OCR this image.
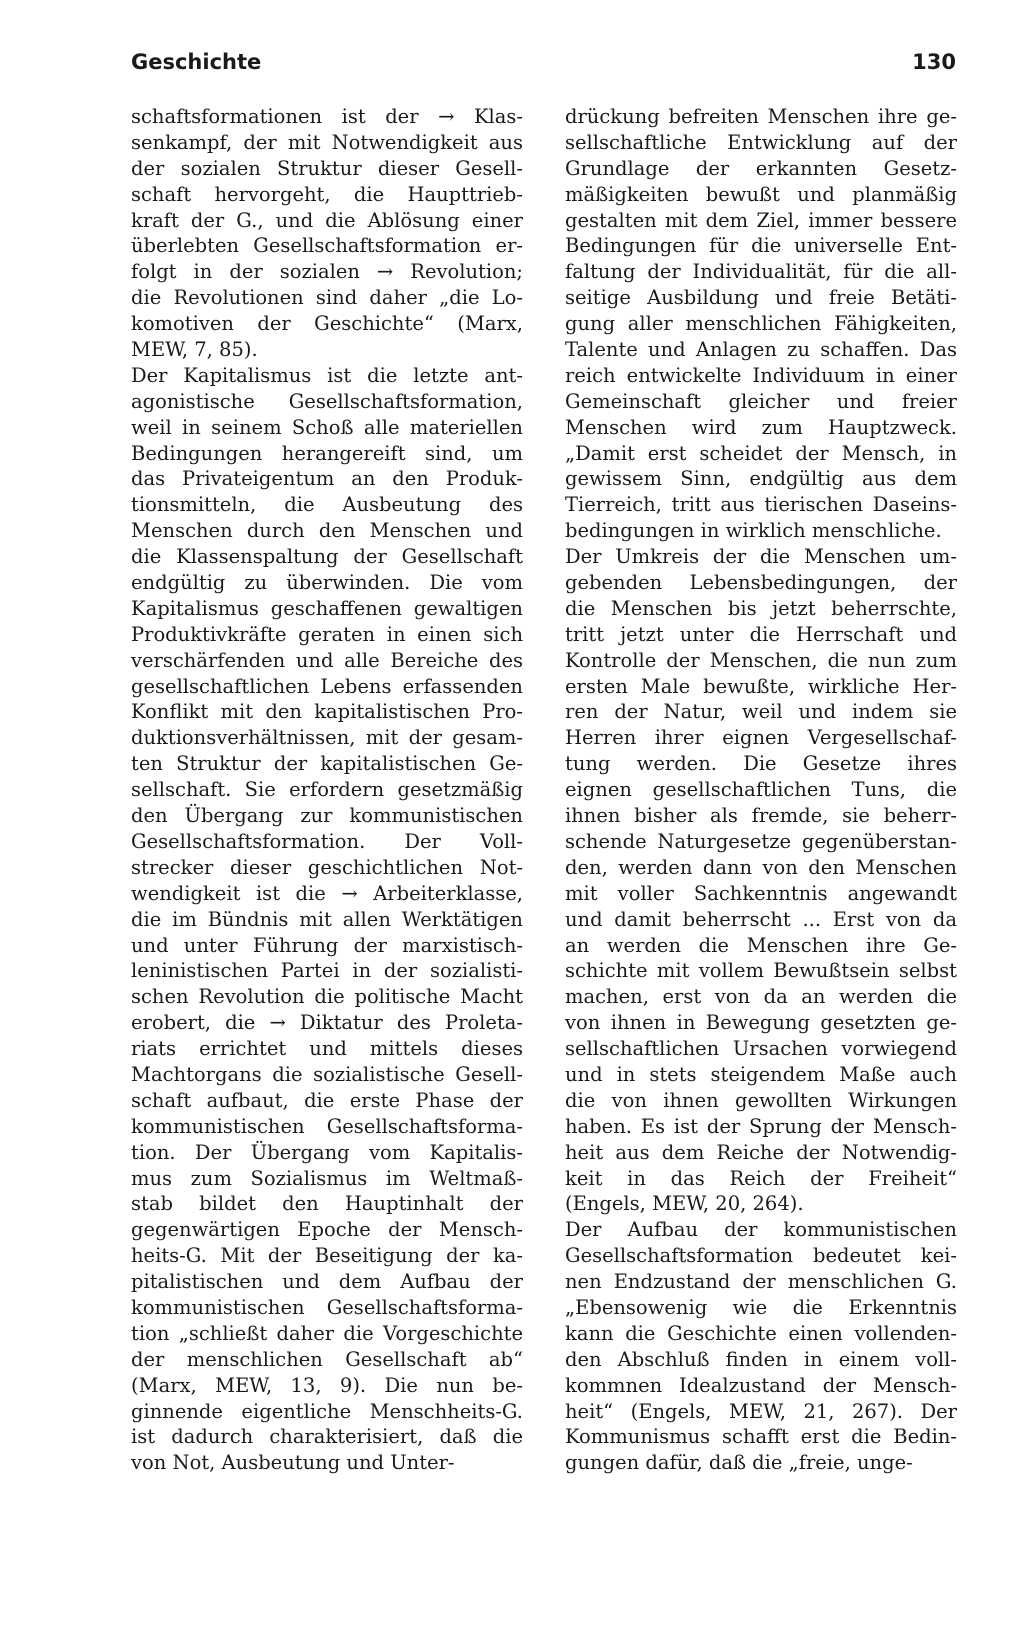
Geschichte	130
schaftsformationen ist der → Klas-
senkampf, der mit Notwendigkeit aus
der sozialen Struktur dieser Gesell-
schaft hervorgeht, die Haupttrieb-
kraft der G., und die Ablösung einer
überlebten Gesellschaftsformation er-
folgt in der sozialen → Revolution;
die Revolutionen sind daher „die Lo-
komotiven der Geschichte“ (Marx,
MEW, 7, 85).
Der Kapitalismus ist die letzte ant-
agonistische Gesellschaftsformation,
weil in seinem Schoß alle materiellen
Bedingungen herangereift sind, um
das Privateigentum an den Produk-
tionsmitteln, die Ausbeutung des
Menschen durch den Menschen und
die Klassenspaltung der Gesellschaft
endgültig zu überwinden. Die vom
Kapitalismus geschaffenen gewaltigen
Produktivkräfte geraten in einen sich
verschärfenden und alle Bereiche des
gesellschaftlichen Lebens erfassenden
Konflikt mit den kapitalistischen Pro-
duktionsverhältnissen, mit der gesam-
ten Struktur der kapitalistischen Ge-
sellschaft. Sie erfordern gesetzmäßig
den Übergang zur kommunistischen
Gesellschaftsformation. Der Voll-
strecker dieser geschichtlichen Not-
wendigkeit ist die → Arbeiterklasse,
die im Bündnis mit allen Werktätigen
und unter Führung der marxistisch-
leninistischen Partei in der sozialisti-
schen Revolution die politische Macht
erobert, die → Diktatur des Proleta-
riats errichtet und mittels dieses
Machtorgans die sozialistische Gesell-
schaft aufbaut, die erste Phase der
kommunistischen Gesellschaftsforma-
tion. Der Übergang vom Kapitalis-
mus zum Sozialismus im Weltmaß-
stab bildet den Hauptinhalt der
gegenwärtigen Epoche der Mensch-
heits-G. Mit der Beseitigung der ka-
pitalistischen und dem Aufbau der
kommunistischen Gesellschaftsforma-
tion „schließt daher die Vorgeschichte
der menschlichen Gesellschaft ab“
(Marx, MEW, 13, 9). Die nun be-
ginnende eigentliche Menschheits-G.
ist dadurch charakterisiert, daß die
von Not, Ausbeutung und Unter-
drückung befreiten Menschen ihre ge-
sellschaftliche Entwicklung auf der
Grundlage der erkannten Gesetz-
mäßigkeiten bewußt und planmäßig
gestalten mit dem Ziel, immer bessere
Bedingungen für die universelle Ent-
faltung der Individualität, für die all-
seitige Ausbildung und freie Betäti-
gung aller menschlichen Fähigkeiten,
Talente und Anlagen zu schaffen. Das
reich entwickelte Individuum in einer
Gemeinschaft gleicher und freier
Menschen wird zum Hauptzweck.
„Damit erst scheidet der Mensch, in
gewissem Sinn, endgültig aus dem
Tierreich, tritt aus tierischen Daseins-
bedingungen in wirklich menschliche.
Der Umkreis der die Menschen um-
gebenden Lebensbedingungen, der
die Menschen bis jetzt beherrschte,
tritt jetzt unter die Herrschaft und
Kontrolle der Menschen, die nun zum
ersten Male bewußte, wirkliche Her-
ren der Natur, weil und indem sie
Herren ihrer eignen Vergesellschaf-
tung werden. Die Gesetze ihres
eignen gesellschaftlichen Tuns, die
ihnen bisher als fremde, sie beherr-
schende Naturgesetze gegenüberstan-
den, werden dann von den Menschen
mit voller Sachkenntnis angewandt
und damit beherrscht ... Erst von da
an werden die Menschen ihre Ge-
schichte mit vollem Bewußtsein selbst
machen, erst von da an werden die
von ihnen in Bewegung gesetzten ge-
sellschaftlichen Ursachen vorwiegend
und in stets steigendem Maße auch
die von ihnen gewollten Wirkungen
haben. Es ist der Sprung der Mensch-
heit aus dem Reiche der Notwendig-
keit in das Reich der Freiheit“
(Engels, MEW, 20, 264).
Der Aufbau der kommunistischen
Gesellschaftsformation bedeutet kei-
nen Endzustand der menschlichen G.
„Ebensowenig wie die Erkenntnis
kann die Geschichte einen vollenden-
den Abschluß finden in einem voll-
kommnen Idealzustand der Mensch-
heit“ (Engels, MEW, 21, 267). Der
Kommunismus schafft erst die Bedin-
gungen dafür, daß die „freie, unge-
